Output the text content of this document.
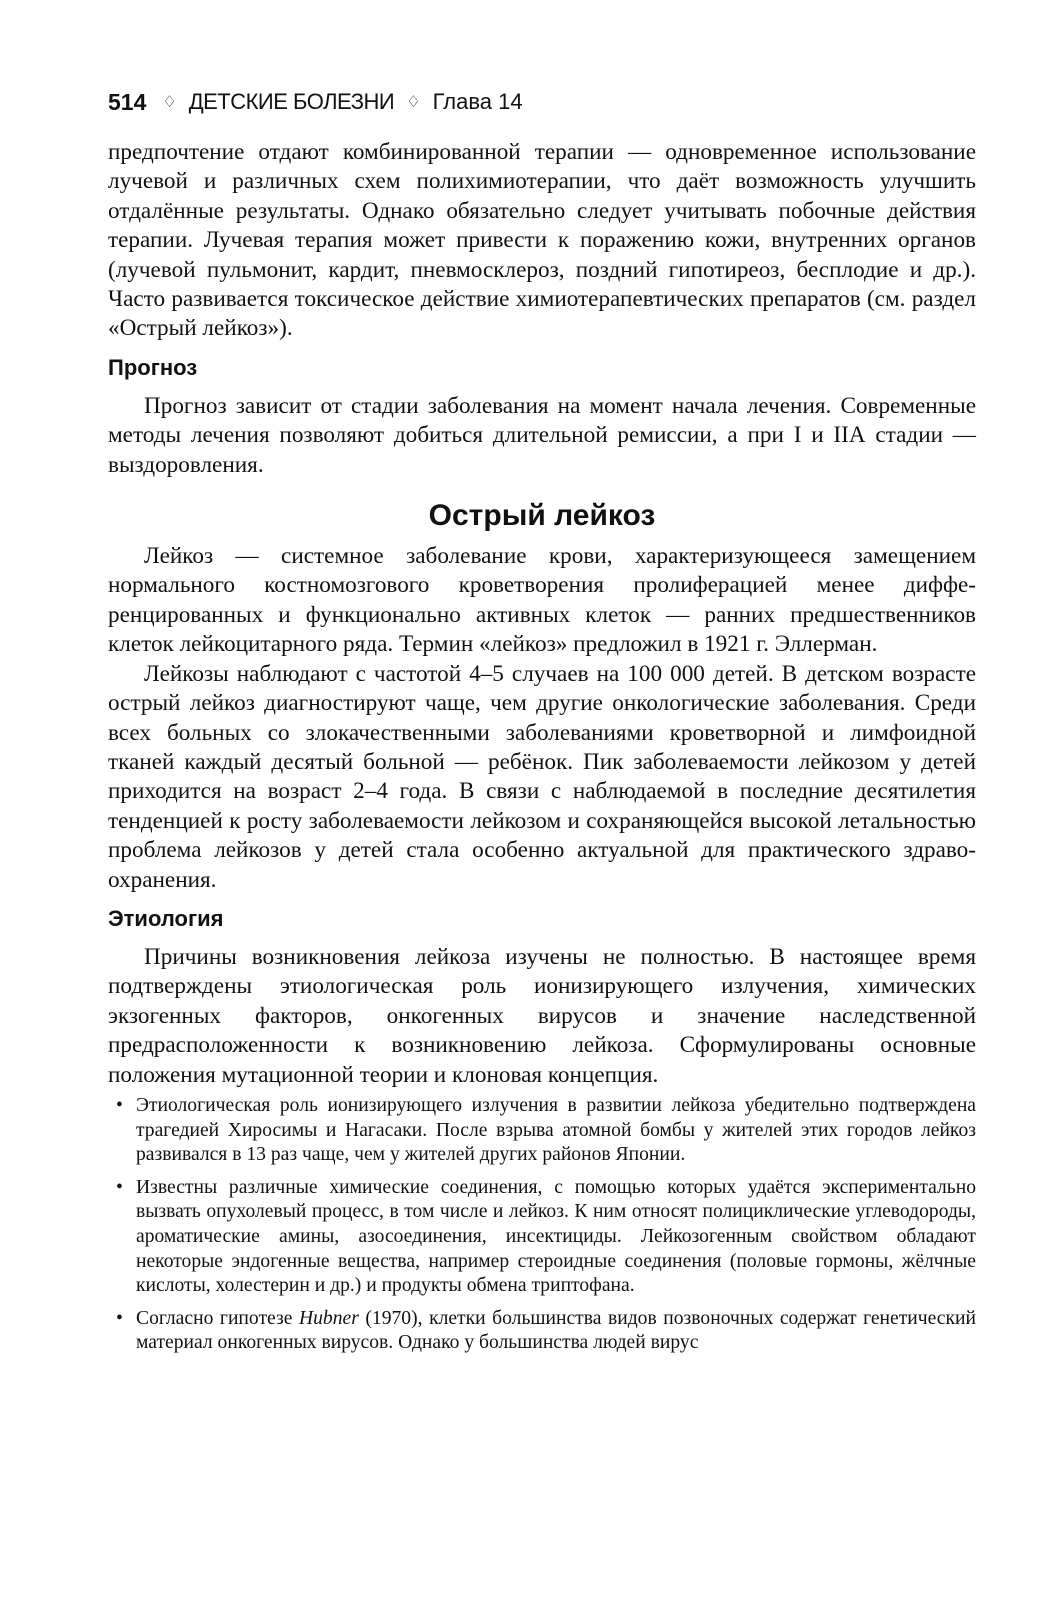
514 ♢ ДЕТСКИЕ БОЛЕЗНИ ♢ Глава 14

предпочтение отдают комбинированной терапии — одновременное использование лучевой и различных схем полихимиотерапии, что даёт возможность улучшить отдалённые результаты. Однако обязательно следует учитывать побочные действия терапии. Лучевая терапия может привести к поражению кожи, внутренних органов (лучевой пульмонит, кардит, пневмосклероз, поздний гипотиреоз, бесплодие и др.). Часто развивается токсическое действие химиотерапевтических препаратов (см. раздел «Острый лейкоз»).

Прогноз

Прогноз зависит от стадии заболевания на момент начала лечения. Современные методы лечения позволяют добиться длительной ремиссии, а при I и IIА стадии — выздоровления.

Острый лейкоз

Лейкоз — системное заболевание крови, характеризующееся замещением нормального костномозгового кроветворения пролиферацией менее дифференцированных и функционально активных клеток — ранних предшественников клеток лейкоцитарного ряда. Термин «лейкоз» предложил в 1921 г. Эллерман.

Лейкозы наблюдают с частотой 4–5 случаев на 100 000 детей. В детском возрасте острый лейкоз диагностируют чаще, чем другие онкологические заболевания. Среди всех больных со злокачественными заболеваниями кроветворной и лимфоидной тканей каждый десятый больной — ребёнок. Пик заболеваемости лейкозом у детей приходится на возраст 2–4 года. В связи с наблюдаемой в последние десятилетия тенденцией к росту заболеваемости лейкозом и сохраняющейся высокой летальностью проблема лейкозов у детей стала особенно актуальной для практического здравоохранения.

Этиология

Причины возникновения лейкоза изучены не полностью. В настоящее время подтверждены этиологическая роль ионизирующего излучения, химических экзогенных факторов, онкогенных вирусов и значение наследственной предрасположенности к возникновению лейкоза. Сформулированы основные положения мутационной теории и клоновая концепция.

• Этиологическая роль ионизирующего излучения в развитии лейкоза убедительно подтверждена трагедией Хиросимы и Нагасаки. После взрыва атомной бомбы у жителей этих городов лейкоз развивался в 13 раз чаще, чем у жителей других районов Японии.
• Известны различные химические соединения, с помощью которых удаётся экспериментально вызвать опухолевый процесс, в том числе и лейкоз. К ним относят полициклические углеводороды, ароматические амины, азосоединения, инсектициды. Лейкозогенным свойством обладают некоторые эндогенные вещества, например стероидные соединения (половые гормоны, жёлчные кислоты, холестерин и др.) и продукты обмена триптофана.
• Согласно гипотезе Hubner (1970), клетки большинства видов позвоночных содержат генетический материал онкогенных вирусов. Однако у большинства людей вирус
